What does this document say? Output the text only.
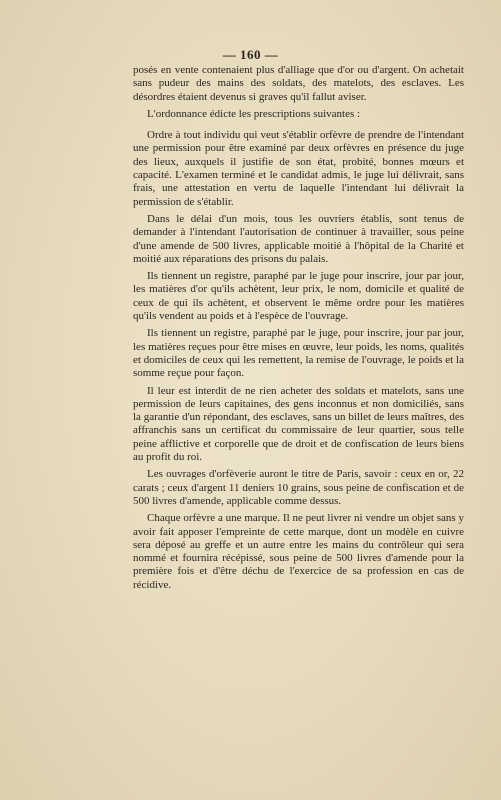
— 160 —

posés en vente contenaient plus d'alliage que d'or ou d'argent. On achetait sans pudeur des mains des soldats, des matelots, des esclaves. Les désordres étaient devenus si graves qu'il fallut aviser.

L'ordonnance édicte les prescriptions suivantes :

Ordre à tout individu qui veut s'établir orfèvre de prendre de l'intendant une permission pour être examiné par deux orfèvres en présence du juge des lieux, auxquels il justifie de son état, probité, bonnes mœurs et capacité. L'examen terminé et le candidat admis, le juge lui délivrait, sans frais, une attestation en vertu de laquelle l'intendant lui délivrait la permission de s'établir.

Dans le délai d'un mois, tous les ouvriers établis, sont tenus de demander à l'intendant l'autorisation de continuer à travailler, sous peine d'une amende de 500 livres, applicable moitié à l'hôpital de la Charité et moitié aux réparations des prisons du palais.

Ils tiennent un registre, paraphé par le juge pour inscrire, jour par jour, les matières d'or qu'ils achètent, leur prix, le nom, domicile et qualité de ceux de qui ils achètent, et observent le même ordre pour les matières qu'ils vendent au poids et à l'espèce de l'ouvrage.

Ils tiennent un registre, paraphé par le juge, pour inscrire, jour par jour, les matières reçues pour être mises en œuvre, leur poids, les noms, qualités et domiciles de ceux qui les remettent, la remise de l'ouvrage, le poids et la somme reçue pour façon.

Il leur est interdit de ne rien acheter des soldats et matelots, sans une permission de leurs capitaines, des gens inconnus et non domiciliés, sans la garantie d'un répondant, des esclaves, sans un billet de leurs maîtres, des affranchis sans un certificat du commissaire de leur quartier, sous telle peine afflictive et corporelle que de droit et de confiscation de leurs biens au profit du roi.

Les ouvrages d'orfèverie auront le titre de Paris, savoir : ceux en or, 22 carats ; ceux d'argent 11 deniers 10 grains, sous peine de confiscation et de 500 livres d'amende, applicable comme dessus.

Chaque orfèvre a une marque. Il ne peut livrer ni vendre un objet sans y avoir fait apposer l'empreinte de cette marque, dont un modèle en cuivre sera déposé au greffe et un autre entre les mains du contrôleur qui sera nommé et fournira récépissé, sous peine de 500 livres d'amende pour la première fois et d'être déchu de l'exercice de sa profession en cas de récidive.
